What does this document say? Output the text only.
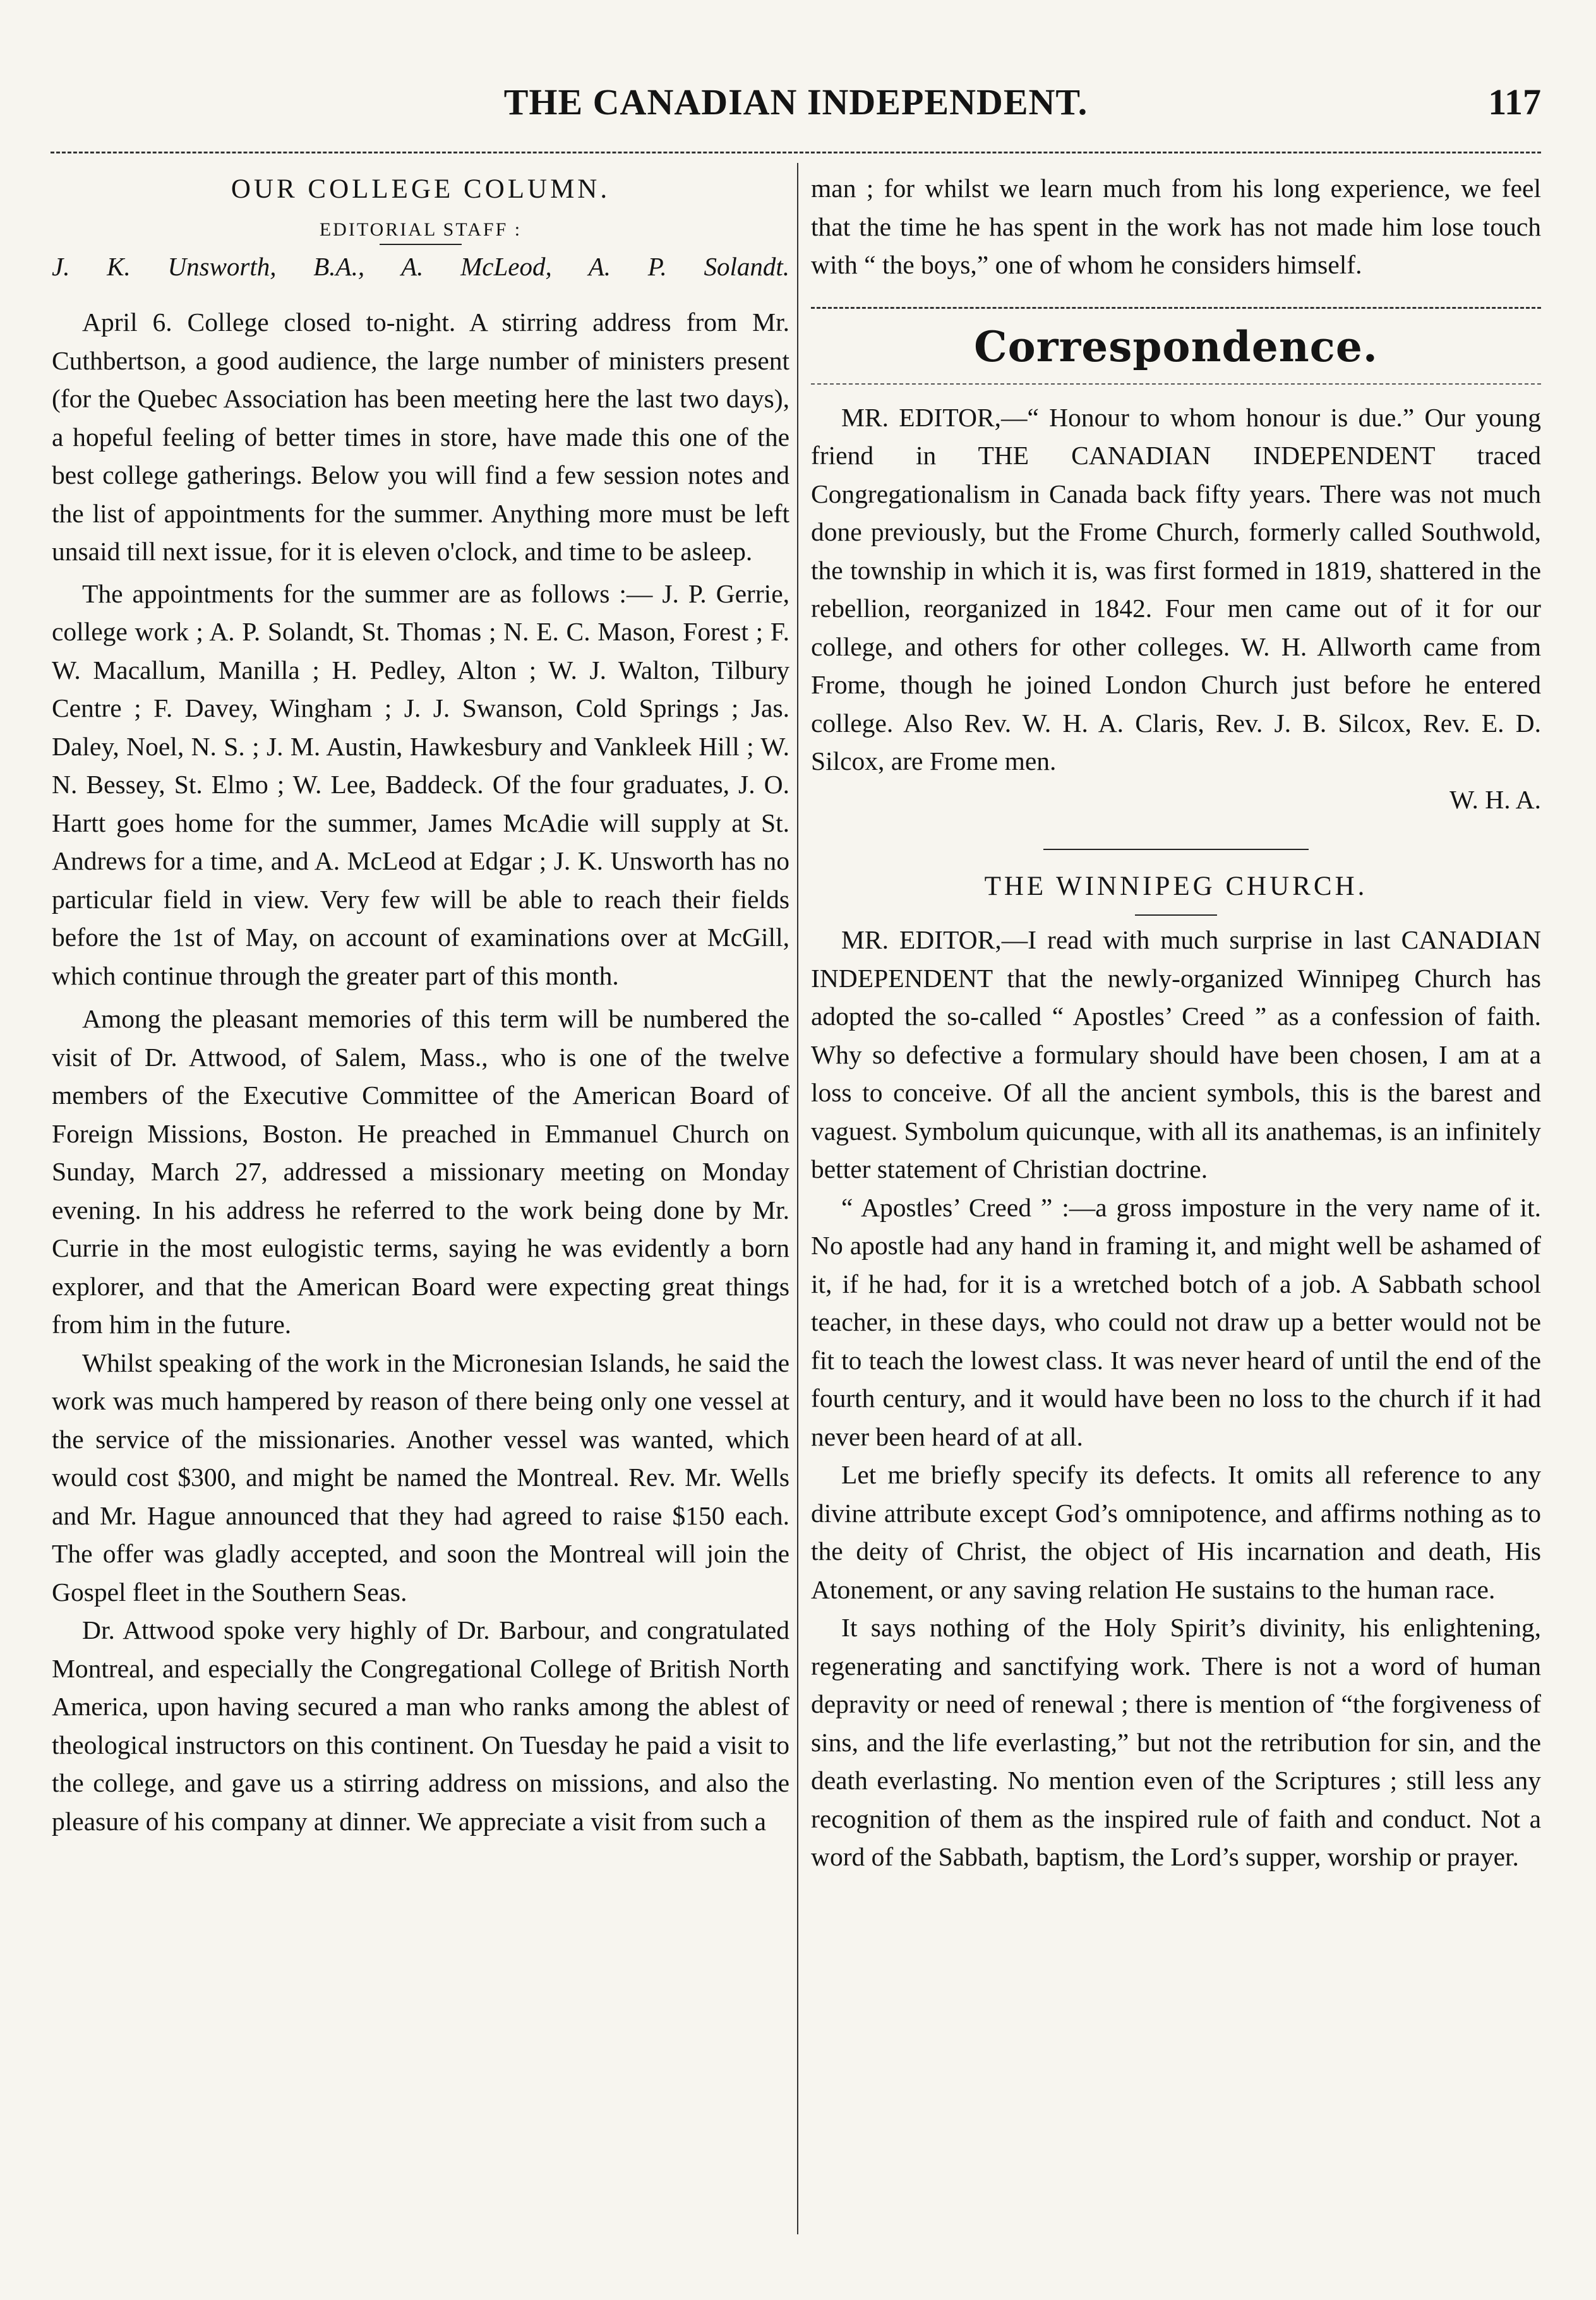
THE CANADIAN INDEPENDENT.	117
OUR COLLEGE COLUMN.
EDITORIAL STAFF :
J. K. Unsworth, B.A., A. McLeod, A. P. Solandt.

April 6. College closed to-night. A stirring address from Mr. Cuthbertson, a good audience, the large number of ministers present (for the Quebec Association has been meeting here the last two days), a hopeful feeling of better times in store, have made this one of the best college gatherings. Below you will find a few session notes and the list of appointments for the summer. Anything more must be left unsaid till next issue, for it is eleven o'clock, and time to be asleep.

The appointments for the summer are as follows :— J. P. Gerrie, college work ; A. P. Solandt, St. Thomas ; N. E. C. Mason, Forest ; F. W. Macallum, Manilla ; H. Pedley, Alton ; W. J. Walton, Tilbury Centre ; F. Davey, Wingham ; J. J. Swanson, Cold Springs ; Jas. Daley, Noel, N. S. ; J. M. Austin, Hawkesbury and Vankleek Hill ; W. N. Bessey, St. Elmo ; W. Lee, Baddeck. Of the four graduates, J. O. Hartt goes home for the summer, James McAdie will supply at St. Andrews for a time, and A. McLeod at Edgar ; J. K. Unsworth has no particular field in view. Very few will be able to reach their fields before the 1st of May, on account of examinations over at McGill, which continue through the greater part of this month.

Among the pleasant memories of this term will be numbered the visit of Dr. Attwood, of Salem, Mass., who is one of the twelve members of the Executive Committee of the American Board of Foreign Missions, Boston. He preached in Emmanuel Church on Sunday, March 27, addressed a missionary meeting on Monday evening. In his address he referred to the work being done by Mr. Currie in the most eulogistic terms, saying he was evidently a born explorer, and that the American Board were expecting great things from him in the future.

Whilst speaking of the work in the Micronesian Islands, he said the work was much hampered by reason of there being only one vessel at the service of the missionaries. Another vessel was wanted, which would cost $300, and might be named the Montreal. Rev. Mr. Wells and Mr. Hague announced that they had agreed to raise $150 each. The offer was gladly accepted, and soon the Montreal will join the Gospel fleet in the Southern Seas.

Dr. Attwood spoke very highly of Dr. Barbour, and congratulated Montreal, and especially the Congregational College of British North America, upon having secured a man who ranks among the ablest of theological instructors on this continent. On Tuesday he paid a visit to the college, and gave us a stirring address on missions, and also the pleasure of his company at dinner. We appreciate a visit from such a

man ; for whilst we learn much from his long experience, we feel that the time he has spent in the work has not made him lose touch with “ the boys,” one of whom he considers himself.

Correspondence.

MR. EDITOR,—“ Honour to whom honour is due.” Our young friend in THE CANADIAN INDEPENDENT traced Congregationalism in Canada back fifty years. There was not much done previously, but the Frome Church, formerly called Southwold, the township in which it is, was first formed in 1819, shattered in the rebellion, reorganized in 1842. Four men came out of it for our college, and others for other colleges. W. H. Allworth came from Frome, though he joined London Church just before he entered college. Also Rev. W. H. A. Claris, Rev. J. B. Silcox, Rev. E. D. Silcox, are Frome men.

W. H. A.
THE WINNIPEG CHURCH.

MR. EDITOR,—I read with much surprise in last CANADIAN INDEPENDENT that the newly-organized Winnipeg Church has adopted the so-called “ Apostles’ Creed ” as a confession of faith. Why so defective a formulary should have been chosen, I am at a loss to conceive. Of all the ancient symbols, this is the barest and vaguest. Symbolum quicunque, with all its anathemas, is an infinitely better statement of Christian doctrine.

“ Apostles’ Creed ” :—a gross imposture in the very name of it. No apostle had any hand in framing it, and might well be ashamed of it, if he had, for it is a wretched botch of a job. A Sabbath school teacher, in these days, who could not draw up a better would not be fit to teach the lowest class. It was never heard of until the end of the fourth century, and it would have been no loss to the church if it had never been heard of at all.

Let me briefly specify its defects. It omits all reference to any divine attribute except God’s omnipotence, and affirms nothing as to the deity of Christ, the object of His incarnation and death, His Atonement, or any saving relation He sustains to the human race.

It says nothing of the Holy Spirit’s divinity, his enlightening, regenerating and sanctifying work. There is not a word of human depravity or need of renewal ; there is mention of “the forgiveness of sins, and the life everlasting,” but not the retribution for sin, and the death everlasting. No mention even of the Scriptures ; still less any recognition of them as the inspired rule of faith and conduct. Not a word of the Sabbath, baptism, the Lord’s supper, worship or prayer.
